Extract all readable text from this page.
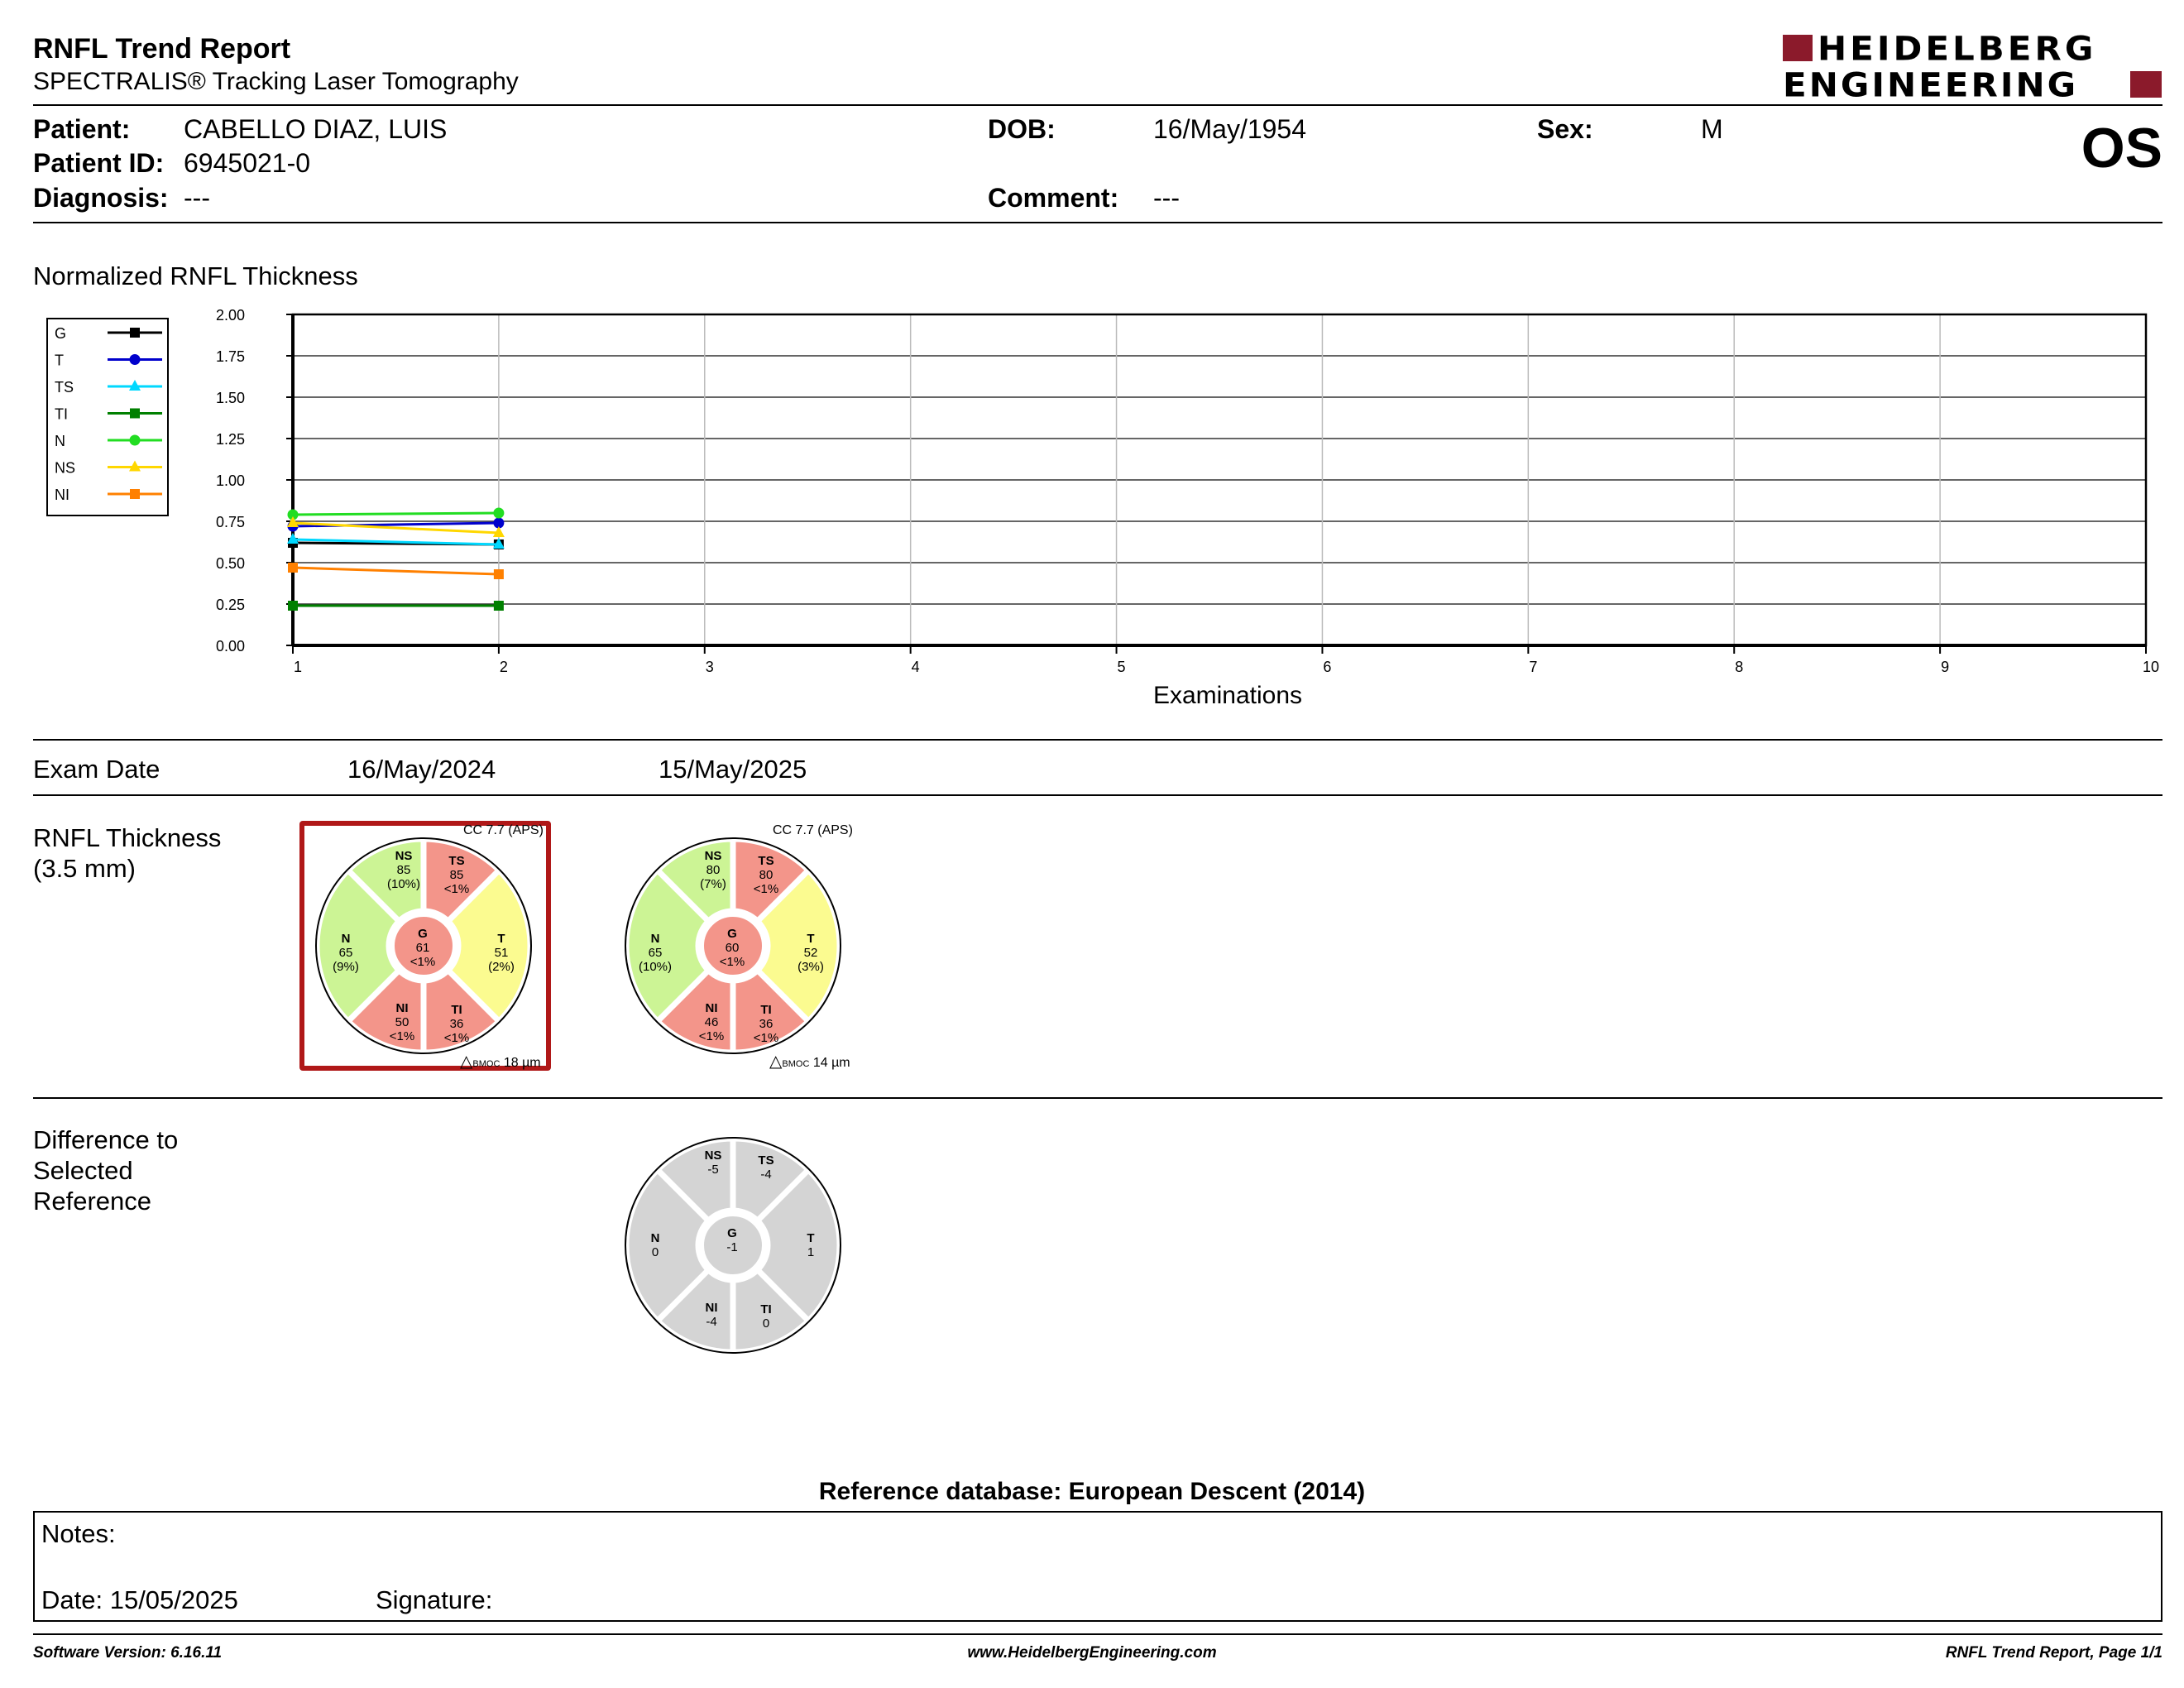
RNFL Trend Report
SPECTRALIS® Tracking Laser Tomography
HEIDELBERG
ENGINEERING
Patient: CABELLO DIAZ, LUIS
Patient ID: 6945021-0
Diagnosis: ---
DOB:	16/May/1954
Comment: ---
Sex:	M	OS
Normalized RNFL Thickness
0.00
0.25
0.50
0.75
1.00
1.25
1.50
1.75
2.00
1	2	3	4	5	6	7	8	9	10
Examinations
G
T
TS
TI
N
NS
NI
Exam Date	16/May/2024	15/May/2025
RNFL Thickness
(3.5 mm)
CC 7.7 (APS)	CC 7.7 (APS)
NS
85
(10%)
TS
85
<1%
T
51
(2%)
TI
36
<1%
NI
50
<1%
N
65
(9%)
G
61
<1%
NS
80
(7%)
TS
80
<1%
T
52
(3%)
TI
36
<1%
NI
46
<1%
N
65
(10%)
G
60
<1%
△BMOC 18 µm	△BMOC 14 µm
Difference to
Selected
Reference
NS
-5
TS
-4
T
1
TI
0
NI
-4
N
0
G
-1
Reference database: European Descent (2014)
Notes:
Date: 15/05/2025	Signature:
Software Version: 6.16.11	www.HeidelbergEngineering.com	RNFL Trend Report, Page 1/1
